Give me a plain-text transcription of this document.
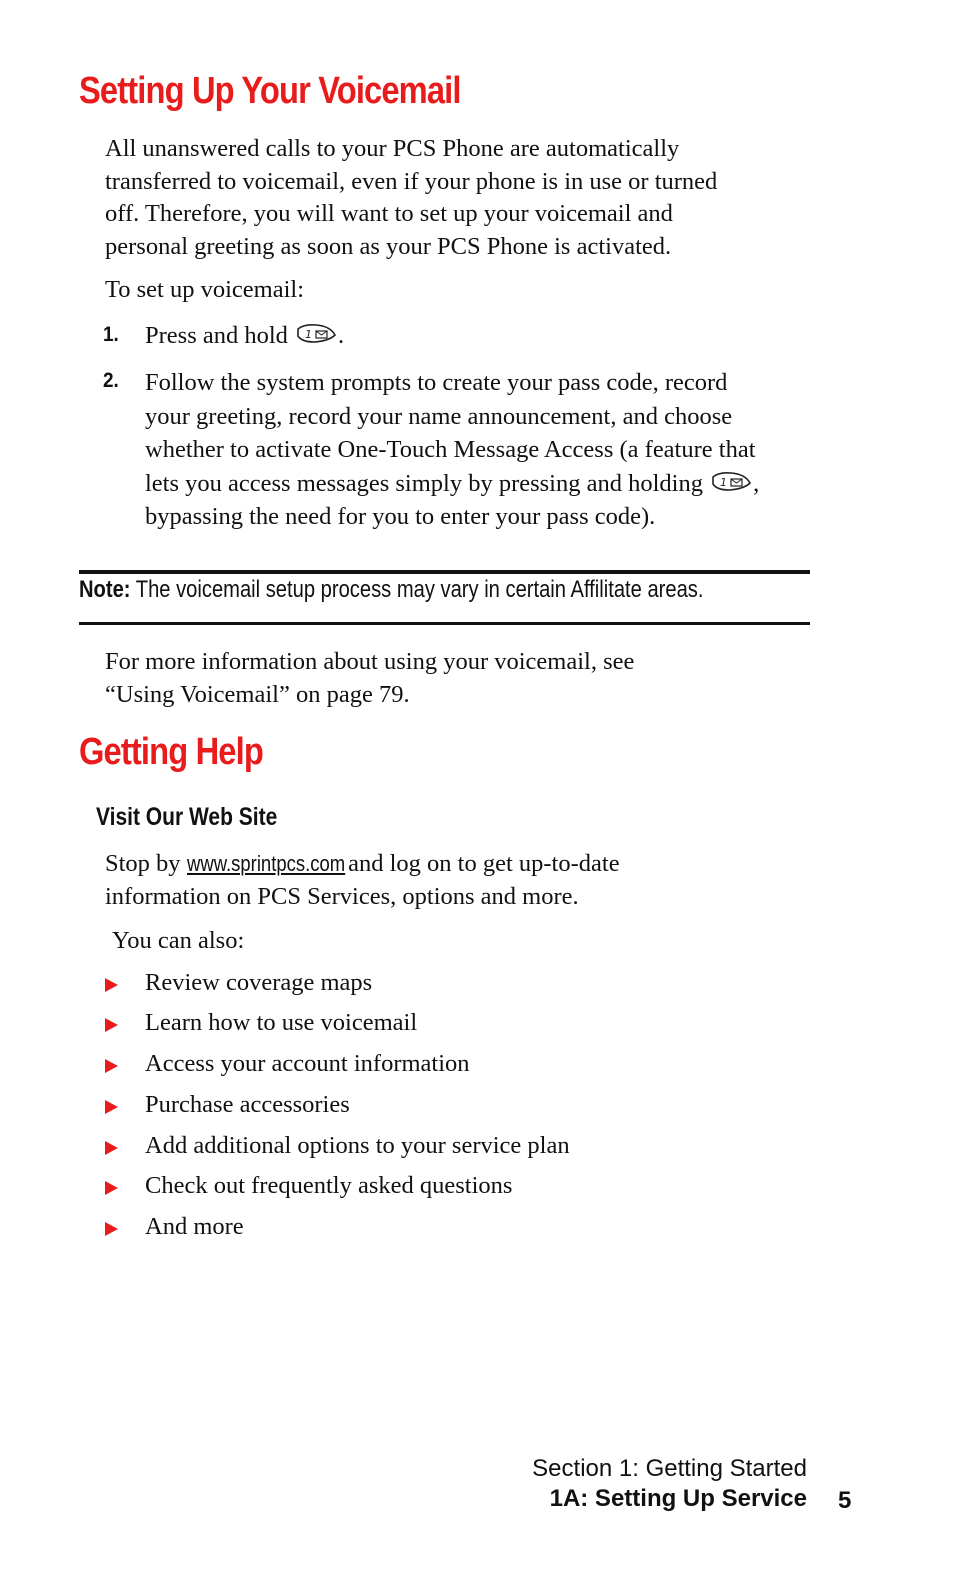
Setting Up Your Voicemail

All unanswered calls to your PCS Phone are automatically
transferred to voicemail, even if your phone is in use or turned
off. Therefore, you will want to set up your voicemail and
personal greeting as soon as your PCS Phone is activated.

To set up voicemail:

1. Press and hold 1 .

2. Follow the system prompts to create your pass code, record
your greeting, record your name announcement, and choose
whether to activate One-Touch Message Access (a feature that
lets you access messages simply by pressing and holding 1 ,
bypassing the need for you to enter your pass code).

Note: The voicemail setup process may vary in certain Affilitate areas.

For more information about using your voicemail, see
“Using Voicemail” on page 79.

Getting Help
Visit Our Web Site

Stop by www.sprintpcs.com and log on to get up-to-date
information on PCS Services, options and more.

You can also:

Review coverage maps
Learn how to use voicemail
Access your account information
Purchase accessories
Add additional options to your service plan
Check out frequently asked questions
And more
Section 1: Getting Started
1A: Setting Up Service 5
